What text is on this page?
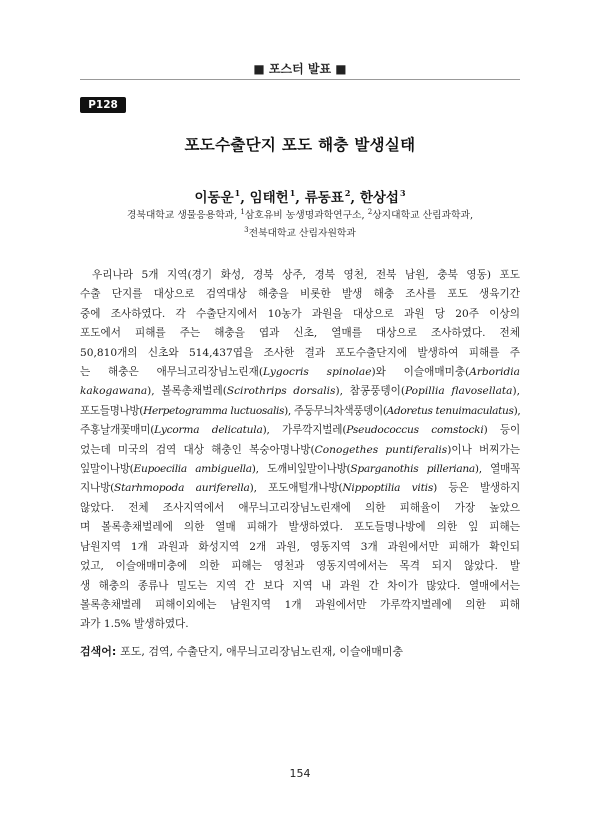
■ 포스터 발표 ■
P128
포도수출단지 포도 해충 발생실태
이동운$^1$, 임태헌$^1$, 류동표$^2$, 한상섭$^3$
경북대학교 생물응용학과, $^1$삼호유비 농생명과학연구소, $^2$상지대학교 산림과학과,
$^3$전북대학교 산림자원학과
우리나라 5개 지역(경기 화성, 경북 상주, 경북 영천, 전북 남원, 충북 영동) 포도
수출 단지를 대상으로 검역대상 해충을 비롯한 발생 해충 조사를 포도 생육기간
중에 조사하였다. 각 수출단지에서 10농가 과원을 대상으로 과원 당 20주 이상의
포도에서 피해를 주는 해충을 엽과 신초, 열매를 대상으로 조사하였다. 전체
50,810개의 신초와 514,437엽을 조사한 결과 포도수출단지에 발생하여 피해를 주
는 해충은 애무늬고리장님노린재(Lygocris spinolae)와 이슬애매미충(Arboridia
kakogawana), 볼록총채벌레(Scirothrips dorsalis), 참콩풍뎅이(Popillia flavosellata),
포도들명나방(Herpetogramma luctuosalis), 주둥무늬차색풍뎅이(Adoretus tenuimaculatus),
주홍날개꽃매미(Lycorma delicatula), 가루깍지벌레(Pseudococcus comstocki) 등이
었는데 미국의 검역 대상 해충인 복숭아명나방(Conogethes puntiferalis)이나 버찌가는
잎말이나방(Eupoecilia ambiguella), 도깨비잎말이나방(Sparganothis pilleriana), 열매꼭
지나방(Starhmopoda auriferella), 포도애털개나방(Nippoptilia vitis) 등은 발생하지
않았다. 전체 조사지역에서 애무늬고리장님노린재에 의한 피해율이 가장 높았으
며 볼록총채벌레에 의한 열매 피해가 발생하였다. 포도들명나방에 의한 잎 피해는
남원지역 1개 과원과 화성지역 2개 과원, 영동지역 3개 과원에서만 피해가 확인되
었고, 이슬애매미충에 의한 피해는 영천과 영동지역에서는 목격 되지 않았다. 발
생 해충의 종류나 밀도는 지역 간 보다 지역 내 과원 간 차이가 많았다. 열매에서는
볼록총채벌레 피해이외에는 남원지역 1개 과원에서만 가루깍지벌레에 의한 피해
과가 1.5% 발생하였다.
검색어: 포도, 검역, 수출단지, 애무늬고리장님노린재, 이슬애매미충
154
